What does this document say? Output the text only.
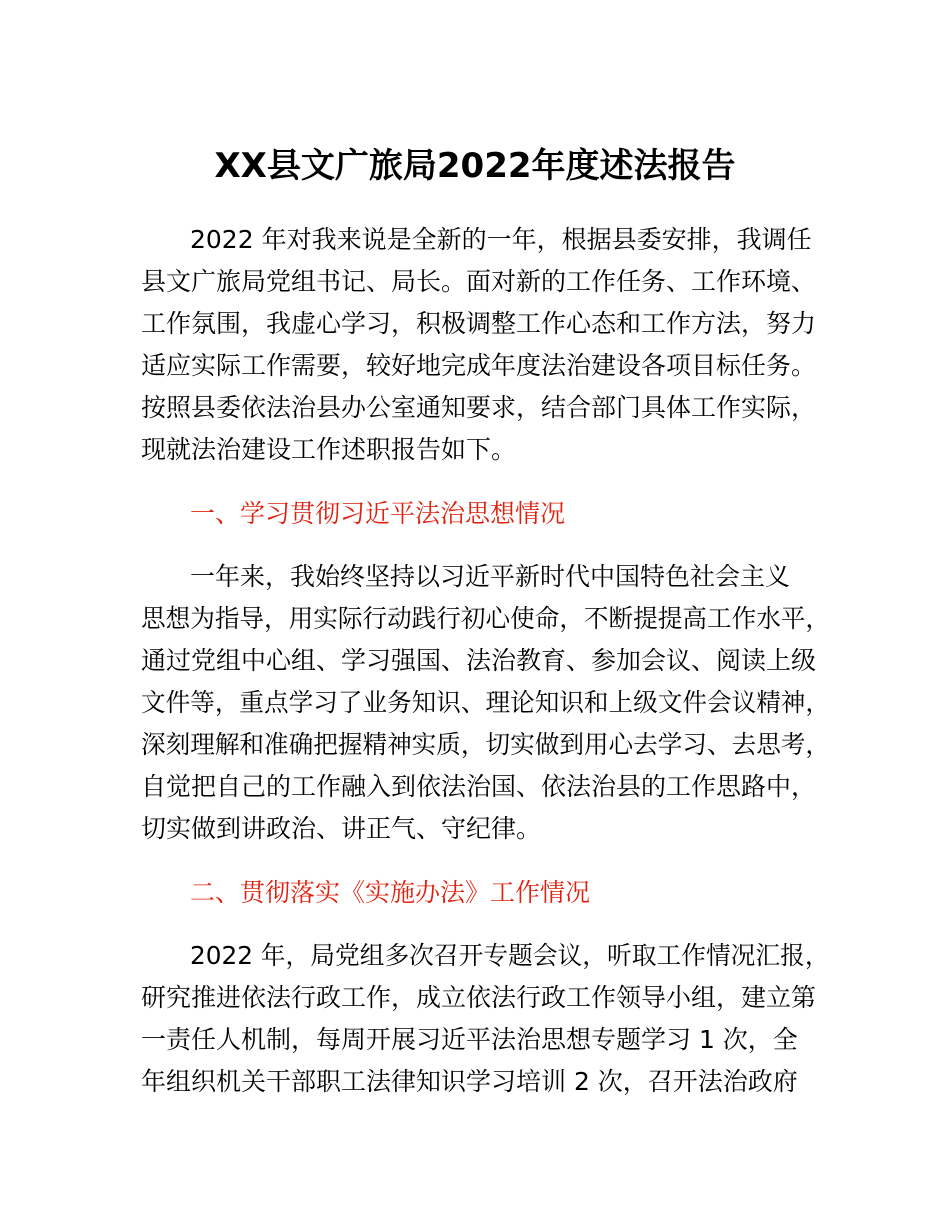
XX县文广旅局2022年度述法报告
2022 年对我来说是全新的一年，根据县委安排，我调任
县文广旅局党组书记、局长。面对新的工作任务、工作环境、
工作氛围，我虚心学习，积极调整工作心态和工作方法，努力
适应实际工作需要，较好地完成年度法治建设各项目标任务。
按照县委依法治县办公室通知要求，结合部门具体工作实际，
现就法治建设工作述职报告如下。
一、学习贯彻习近平法治思想情况
一年来，我始终坚持以习近平新时代中国特色社会主义
思想为指导，用实际行动践行初心使命，不断提提高工作水平，
通过党组中心组、学习强国、法治教育、参加会议、阅读上级
文件等，重点学习了业务知识、理论知识和上级文件会议精神，
深刻理解和准确把握精神实质，切实做到用心去学习、去思考，
自觉把自己的工作融入到依法治国、依法治县的工作思路中，
切实做到讲政治、讲正气、守纪律。
二、贯彻落实《实施办法》工作情况
2022 年，局党组多次召开专题会议，听取工作情况汇报，
研究推进依法行政工作，成立依法行政工作领导小组，建立第
一责任人机制，每周开展习近平法治思想专题学习 1 次，全
年组织机关干部职工法律知识学习培训 2 次，召开法治政府
